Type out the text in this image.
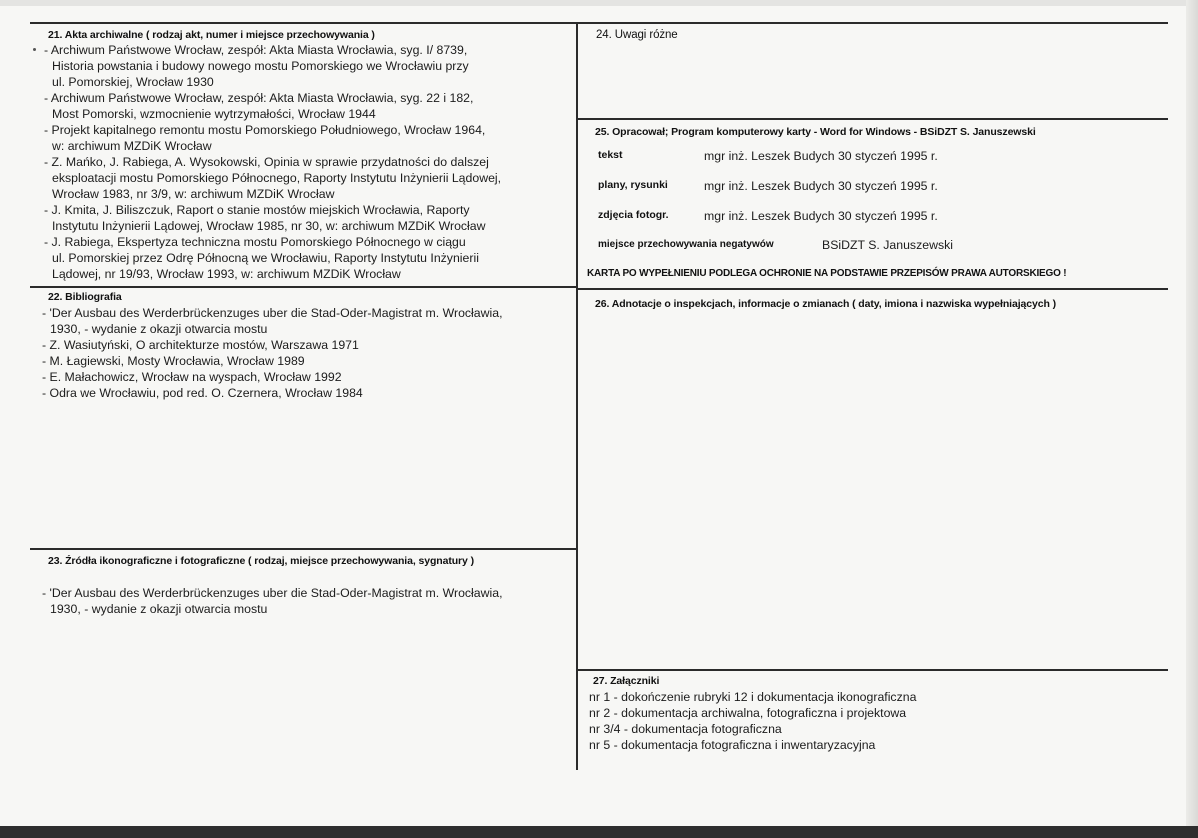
21. Akta archiwalne ( rodzaj akt, numer i miejsce przechowywania )
- Archiwum Państwowe Wrocław, zespół: Akta Miasta Wrocławia, syg. I/ 8739,
Historia powstania i budowy nowego mostu Pomorskiego we Wrocławiu przy
ul. Pomorskiej, Wrocław 1930
- Archiwum Państwowe Wrocław, zespół: Akta Miasta Wrocławia, syg. 22 i 182,
Most Pomorski, wzmocnienie wytrzymałości, Wrocław 1944
- Projekt kapitalnego remontu mostu Pomorskiego Południowego, Wrocław 1964,
w: archiwum MZDiK Wrocław
- Z. Mańko, J. Rabiega, A. Wysokowski, Opinia w sprawie przydatności do dalszej
eksploatacji mostu Pomorskiego Północnego, Raporty Instytutu Inżynierii Lądowej,
Wrocław 1983, nr 3/9, w: archiwum MZDiK Wrocław
- J. Kmita, J. Biliszczuk, Raport o stanie mostów miejskich Wrocławia, Raporty
Instytutu Inżynierii Lądowej, Wrocław 1985, nr 30, w: archiwum MZDiK Wrocław
- J. Rabiega, Ekspertyza techniczna mostu Pomorskiego Północnego w ciągu
ul. Pomorskiej przez Odrę Północną we Wrocławiu, Raporty Instytutu Inżynierii
Lądowej, nr 19/93, Wrocław 1993, w: archiwum MZDiK Wrocław
22. Bibliografia
- 'Der Ausbau des Werderbrückenzuges uber die Stad-Oder-Magistrat m. Wrocławia,
1930, - wydanie z okazji otwarcia mostu
- Z. Wasiutyński, O architekturze mostów, Warszawa 1971
- M. Łagiewski, Mosty Wrocławia, Wrocław 1989
- E. Małachowicz, Wrocław na wyspach, Wrocław 1992
- Odra we Wrocławiu, pod red. O. Czernera, Wrocław 1984
23. Źródła ikonograficzne i fotograficzne ( rodzaj, miejsce przechowywania, sygnatury )
- 'Der Ausbau des Werderbrückenzuges uber die Stad-Oder-Magistrat m. Wrocławia,
1930, - wydanie z okazji otwarcia mostu
24. Uwagi różne
25. Opracował; Program komputerowy karty - Word for Windows - BSiDZT S. Januszewski
tekst	mgr inż. Leszek Budych 30 styczeń 1995 r.
plany, rysunki	mgr inż. Leszek Budych 30 styczeń 1995 r.
zdjęcia fotogr.	mgr inż. Leszek Budych 30 styczeń 1995 r.
miejsce przechowywania negatywów	BSiDZT S. Januszewski
KARTA PO WYPEŁNIENIU PODLEGA OCHRONIE NA PODSTAWIE PRZEPISÓW PRAWA AUTORSKIEGO !
26. Adnotacje o inspekcjach, informacje o zmianach ( daty, imiona i nazwiska wypełniających )
27. Załączniki
nr 1 - dokończenie rubryki 12 i dokumentacja ikonograficzna
nr 2 - dokumentacja archiwalna, fotograficzna i projektowa
nr 3/4 - dokumentacja fotograficzna
nr 5 - dokumentacja fotograficzna i inwentaryzacyjna
